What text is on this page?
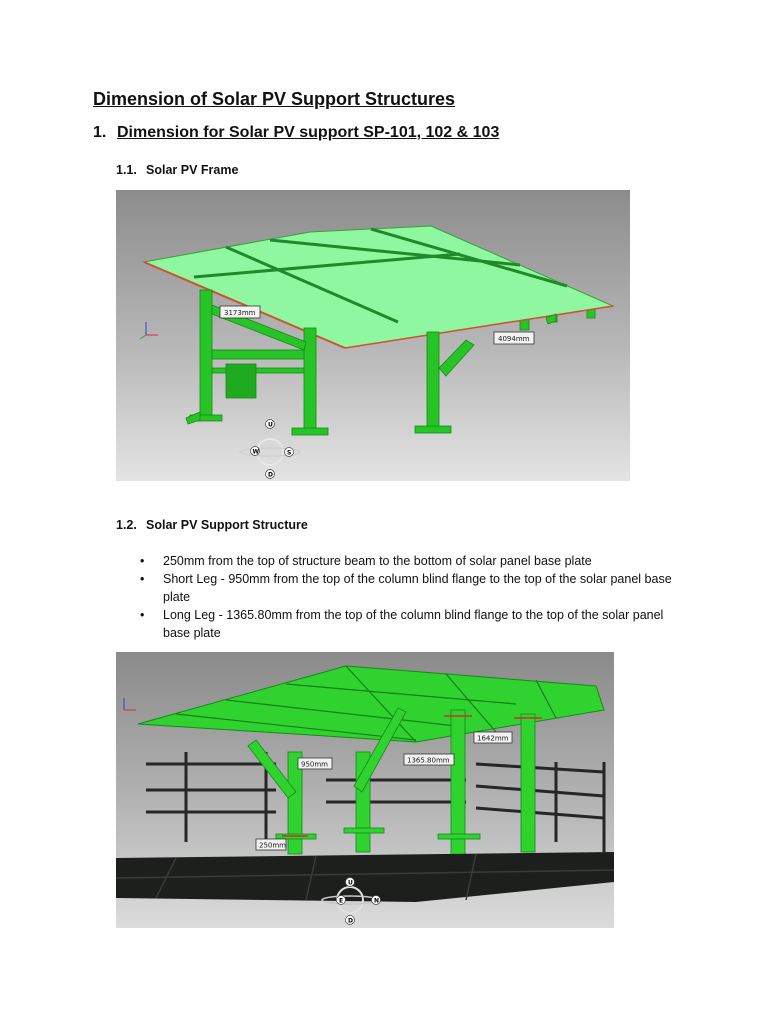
Dimension of Solar PV Support Structures
1. Dimension for Solar PV support SP-101, 102 & 103
1.1. Solar PV Frame
3173mm
4094mm
U
D
W	S
1.2. Solar PV Support Structure
• 250mm from the top of structure beam to the bottom of solar panel base plate
• Short Leg - 950mm from the top of the column blind flange to the top of the solar panel base plate
• Long Leg - 1365.80mm from the top of the column blind flange to the top of the solar panel base plate
1642mm
950mm	1365.80mm
250mm
U
D
E	N
